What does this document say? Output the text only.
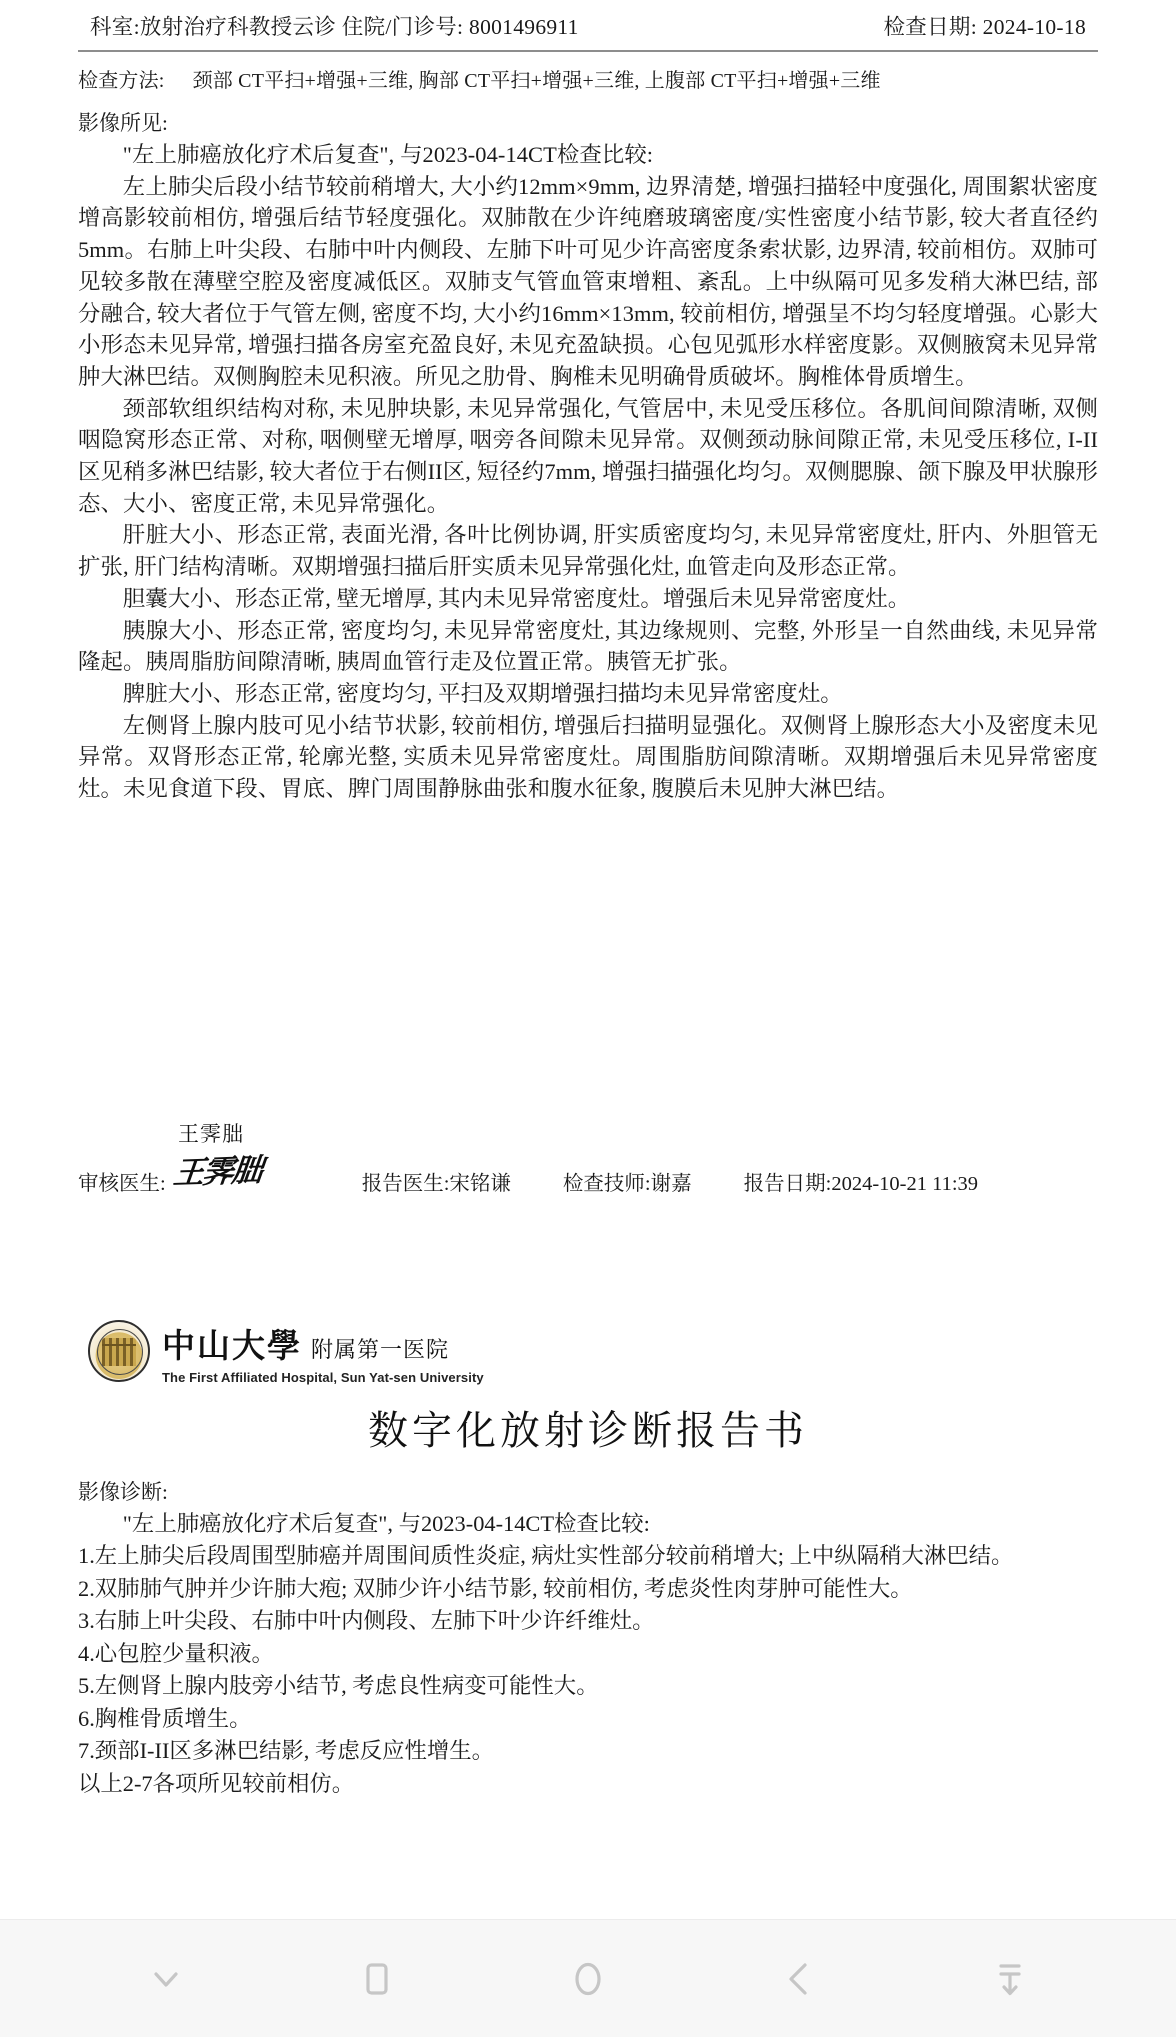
科室:放射治疗科教授云诊 住院/门诊号: 8001496911	检查日期: 2024-10-18
检查方法: 颈部 CT平扫+增强+三维, 胸部 CT平扫+增强+三维, 上腹部 CT平扫+增强+三维
影像所见:

"左上肺癌放化疗术后复查", 与2023-04-14CT检查比较:

左上肺尖后段小结节较前稍增大, 大小约12mm×9mm, 边界清楚, 增强扫描轻中度强化, 周围絮状密度增高影较前相仿, 增强后结节轻度强化。双肺散在少许纯磨玻璃密度/实性密度小结节影, 较大者直径约5mm。右肺上叶尖段、右肺中叶内侧段、左肺下叶可见少许高密度条索状影, 边界清, 较前相仿。双肺可见较多散在薄壁空腔及密度减低区。双肺支气管血管束增粗、紊乱。上中纵隔可见多发稍大淋巴结, 部分融合, 较大者位于气管左侧, 密度不均, 大小约16mm×13mm, 较前相仿, 增强呈不均匀轻度增强。心影大小形态未见异常, 增强扫描各房室充盈良好, 未见充盈缺损。心包见弧形水样密度影。双侧腋窝未见异常肿大淋巴结。双侧胸腔未见积液。所见之肋骨、胸椎未见明确骨质破坏。胸椎体骨质增生。

颈部软组织结构对称, 未见肿块影, 未见异常强化, 气管居中, 未见受压移位。各肌间间隙清晰, 双侧咽隐窝形态正常、对称, 咽侧壁无增厚, 咽旁各间隙未见异常。双侧颈动脉间隙正常, 未见受压移位, I-II区见稍多淋巴结影, 较大者位于右侧II区, 短径约7mm, 增强扫描强化均匀。双侧腮腺、颌下腺及甲状腺形态、大小、密度正常, 未见异常强化。

肝脏大小、形态正常, 表面光滑, 各叶比例协调, 肝实质密度均匀, 未见异常密度灶, 肝内、外胆管无扩张, 肝门结构清晰。双期增强扫描后肝实质未见异常强化灶, 血管走向及形态正常。

胆囊大小、形态正常, 壁无增厚, 其内未见异常密度灶。增强后未见异常密度灶。

胰腺大小、形态正常, 密度均匀, 未见异常密度灶, 其边缘规则、完整, 外形呈一自然曲线, 未见异常隆起。胰周脂肪间隙清晰, 胰周血管行走及位置正常。胰管无扩张。

脾脏大小、形态正常, 密度均匀, 平扫及双期增强扫描均未见异常密度灶。

左侧肾上腺内肢可见小结节状影, 较前相仿, 增强后扫描明显强化。双侧肾上腺形态大小及密度未见异常。双肾形态正常, 轮廓光整, 实质未见异常密度灶。周围脂肪间隙清晰。双期增强后未见异常密度灶。未见食道下段、胃底、脾门周围静脉曲张和腹水征象, 腹膜后未见肿大淋巴结。

王霁朏
审核医生: 王霁朏	报告医生: 宋铭谦	检查技师: 谢嘉	报告日期: 2024-10-21 11:39
中山大學 附属第一医院
The First Affiliated Hospital, Sun Yat-sen University
数字化放射诊断报告书
影像诊断:

"左上肺癌放化疗术后复查", 与2023-04-14CT检查比较:

1.左上肺尖后段周围型肺癌并周围间质性炎症, 病灶实性部分较前稍增大; 上中纵隔稍大淋巴结。

2.双肺肺气肿并少许肺大疱; 双肺少许小结节影, 较前相仿, 考虑炎性肉芽肿可能性大。

3.右肺上叶尖段、右肺中叶内侧段、左肺下叶少许纤维灶。

4.心包腔少量积液。

5.左侧肾上腺内肢旁小结节, 考虑良性病变可能性大。

6.胸椎骨质增生。

7.颈部I-II区多淋巴结影, 考虑反应性增生。

以上2-7各项所见较前相仿。
